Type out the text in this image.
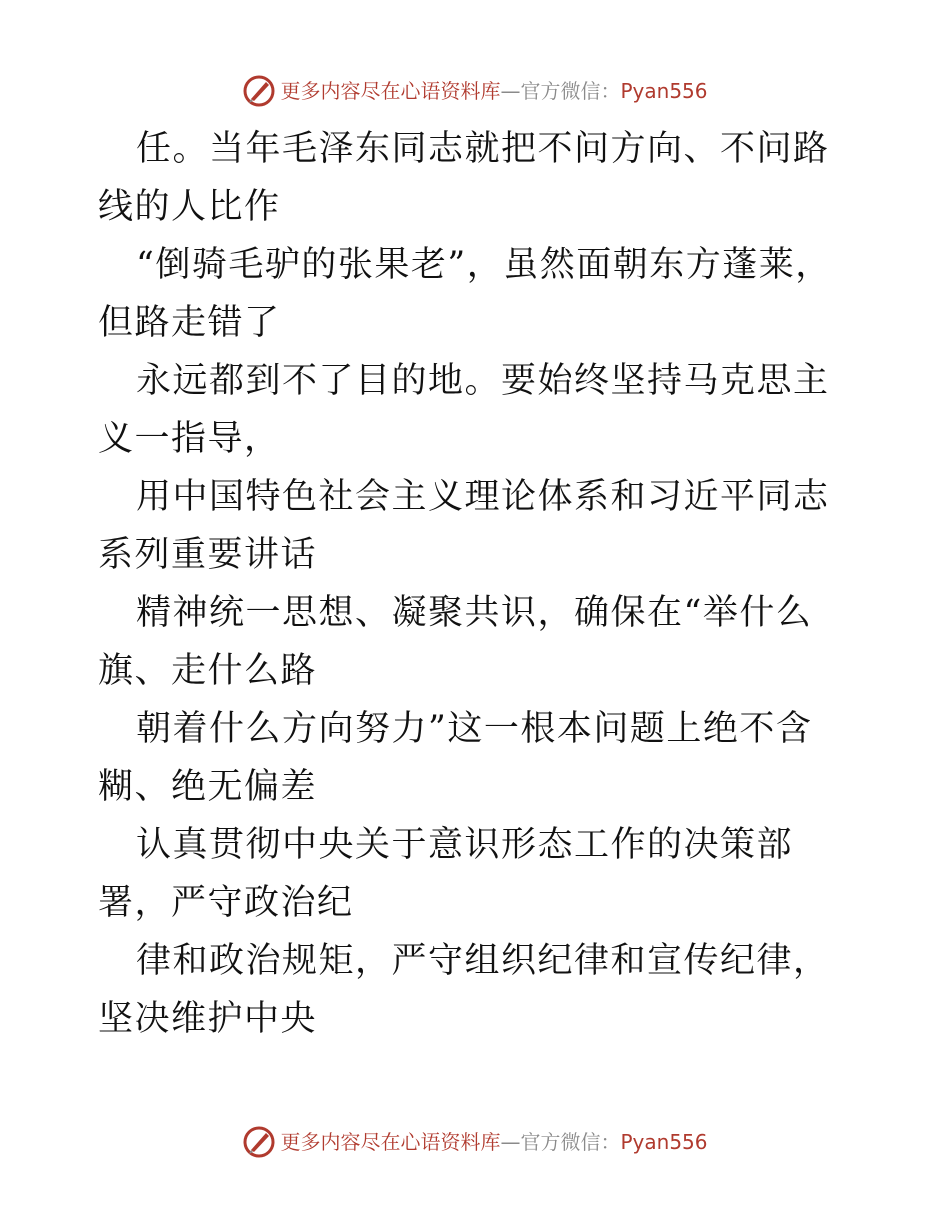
更多内容尽在心语资料库 — 官方微信： Pyan556

任。当年毛泽东同志就把不问方向、不问路线的人比作

“倒骑毛驴的张果老”，虽然面朝东方蓬莱，但路走错了

永远都到不了目的地。要始终坚持马克思主义一指导，

用中国特色社会主义理论体系和习近平同志系列重要讲话

精神统一思想、凝聚共识，确保在“举什么旗、走什么路

朝着什么方向努力”这一根本问题上绝不含糊、绝无偏差

认真贯彻中央关于意识形态工作的决策部署，严守政治纪

律和政治规矩，严守组织纪律和宣传纪律，坚决维护中央

更多内容尽在心语资料库 — 官方微信： Pyan556
